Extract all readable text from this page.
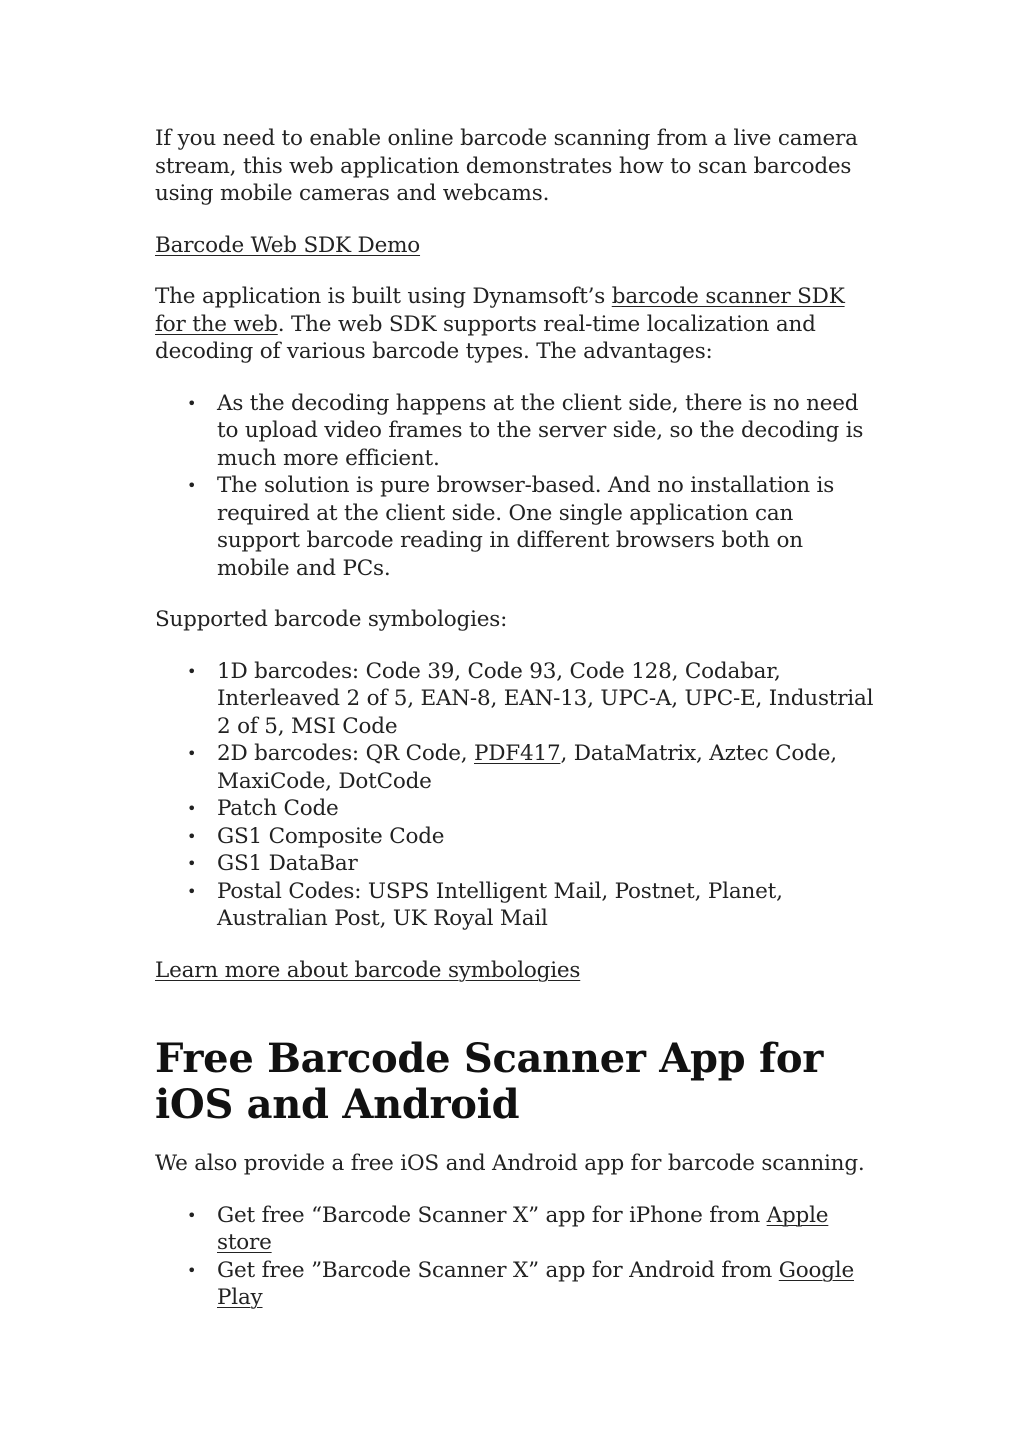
If you need to enable online barcode scanning from a live camera stream, this web application demonstrates how to scan barcodes using mobile cameras and webcams.

Barcode Web SDK Demo

The application is built using Dynamsoft’s barcode scanner SDK for the web. The web SDK supports real-time localization and decoding of various barcode types. The advantages:

• As the decoding happens at the client side, there is no need to upload video frames to the server side, so the decoding is much more efficient.
• The solution is pure browser-based. And no installation is required at the client side. One single application can support barcode reading in different browsers both on mobile and PCs.

Supported barcode symbologies:

• 1D barcodes: Code 39, Code 93, Code 128, Codabar, Interleaved 2 of 5, EAN-8, EAN-13, UPC-A, UPC-E, Industrial 2 of 5, MSI Code
• 2D barcodes: QR Code, PDF417, DataMatrix, Aztec Code, MaxiCode, DotCode
• Patch Code
• GS1 Composite Code
• GS1 DataBar
• Postal Codes: USPS Intelligent Mail, Postnet, Planet, Australian Post, UK Royal Mail

Learn more about barcode symbologies

Free Barcode Scanner App for iOS and Android

We also provide a free iOS and Android app for barcode scanning.

• Get free “Barcode Scanner X” app for iPhone from Apple store
• Get free ”Barcode Scanner X” app for Android from Google Play
